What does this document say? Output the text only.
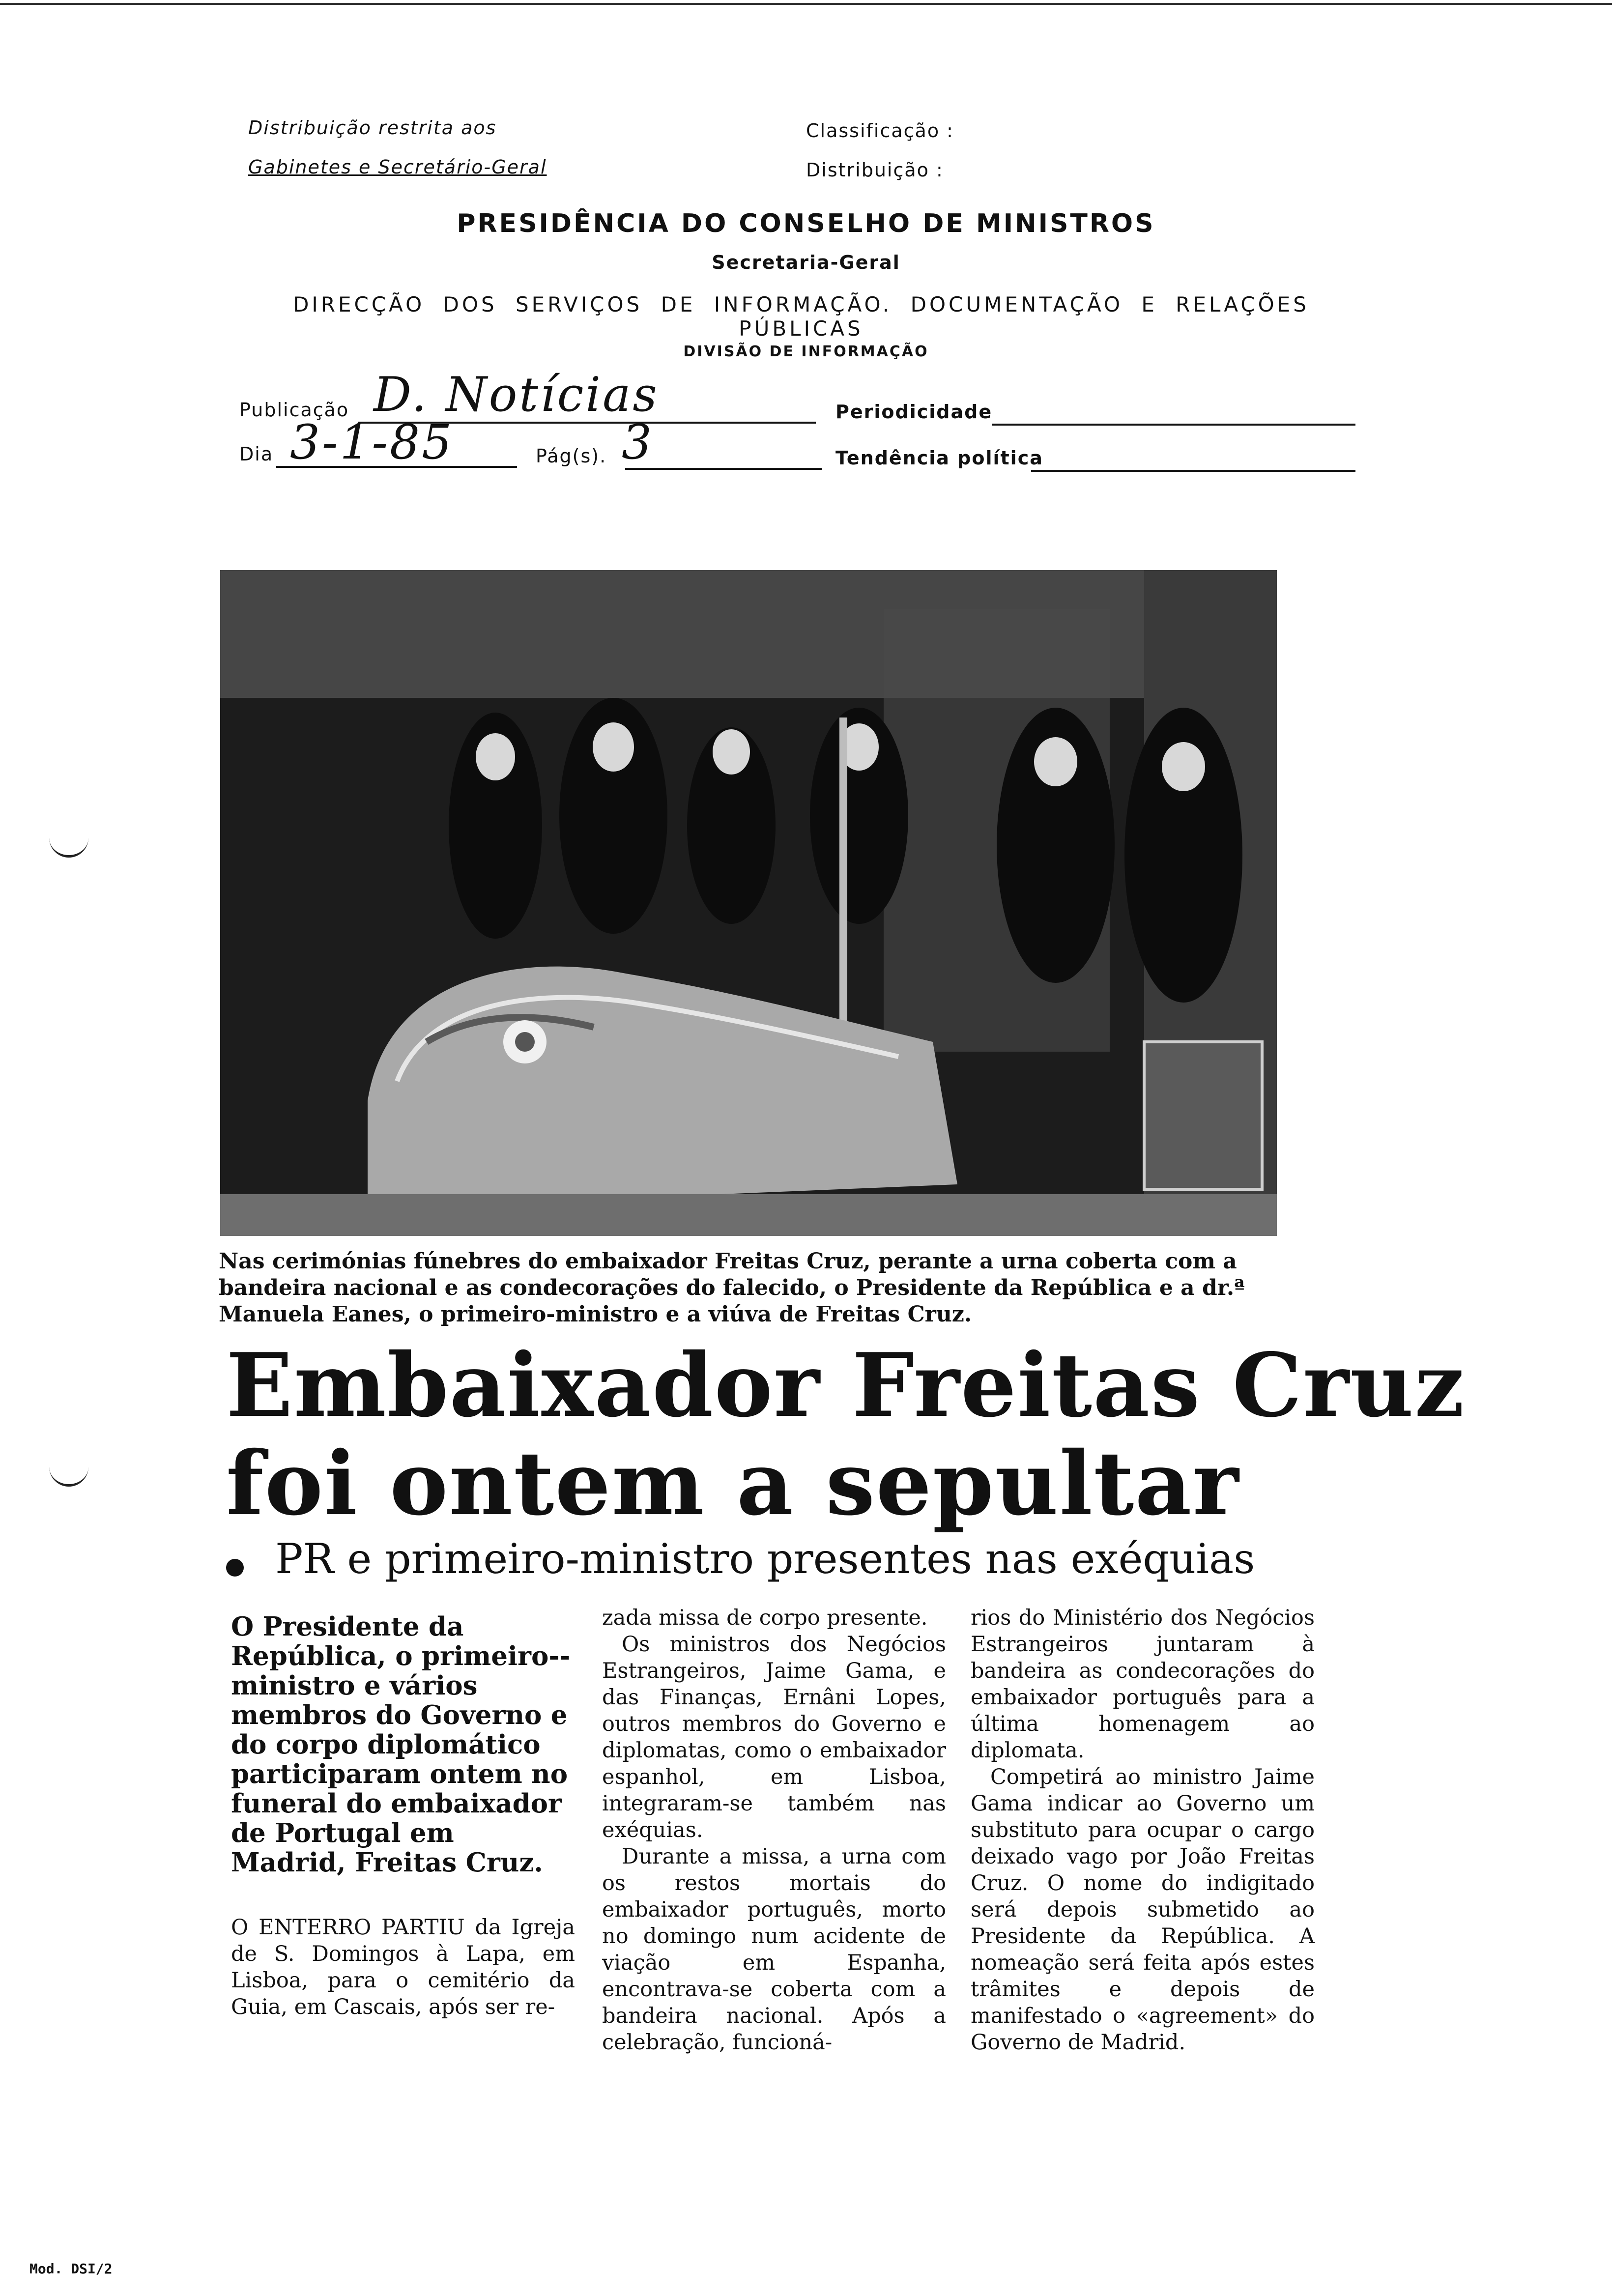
Distribuição restrita aos
Gabinetes e Secretário-Geral
Classificação :
Distribuição :
PRESIDÊNCIA DO CONSELHO DE MINISTROS
Secretaria-Geral
DIRECÇÃO DOS SERVIÇOS DE INFORMAÇÃO. DOCUMENTAÇÃO E RELAÇÕES PÚBLICAS
DIVISÃO DE INFORMAÇÃO
Publicação D. Notícias	Periodicidade
Dia 3-1-85	Pág(s). 3	Tendência política
Nas cerimónias fúnebres do embaixador Freitas Cruz, perante a urna coberta com a bandeira nacional e as condecorações do falecido, o Presidente da República e a dr.ª Manuela Eanes, o primeiro-ministro e a viúva de Freitas Cruz.
Embaixador Freitas Cruz
foi ontem a sepultar
PR e primeiro-ministro presentes nas exéquias
O Presidente da República, o primeiro--ministro e vários membros do Governo e do corpo diplomático participaram ontem no funeral do embaixador de Portugal em Madrid, Freitas Cruz.
O ENTERRO PARTIU da Igreja de S. Domingos à Lapa, em Lisboa, para o cemitério da Guia, em Cascais, após ser re-

zada missa de corpo presente.

Os ministros dos Negócios Estrangeiros, Jaime Gama, e das Finanças, Ernâni Lopes, outros membros do Governo e diplomatas, como o embaixador espanhol, em Lisboa, integraram-se também nas exéquias.

Durante a missa, a urna com os restos mortais do embaixador português, morto no domingo num acidente de viação em Espanha, encontrava-se coberta com a bandeira nacional. Após a celebração, funcioná-

rios do Ministério dos Negócios Estrangeiros juntaram à bandeira as condecorações do embaixador português para a última homenagem ao diplomata.

Competirá ao ministro Jaime Gama indicar ao Governo um substituto para ocupar o cargo deixado vago por João Freitas Cruz. O nome do indigitado será depois submetido ao Presidente da República. A nomeação será feita após estes trâmites e depois de manifestado o «agreement» do Governo de Madrid.

Mod. DSI/2
